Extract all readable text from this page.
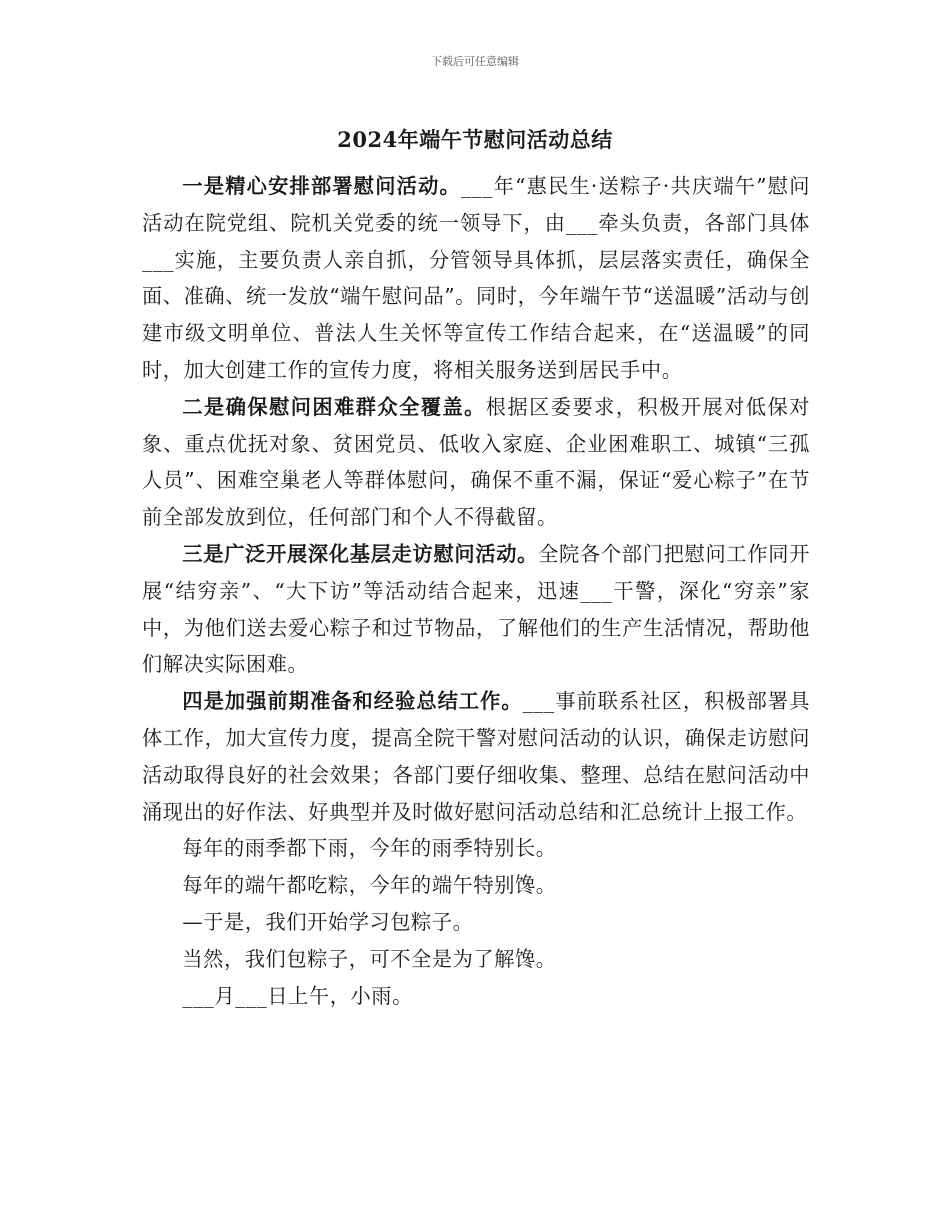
下载后可任意编辑
2024年端午节慰问活动总结

一是精心安排部署慰问活动。___年“惠民生·送粽子·共庆端午”慰问活动在院党组、院机关党委的统一领导下，由___牵头负责，各部门具体___实施，主要负责人亲自抓，分管领导具体抓，层层落实责任，确保全面、准确、统一发放“端午慰问品”。同时，今年端午节“送温暖”活动与创建市级文明单位、普法人生关怀等宣传工作结合起来，在“送温暖”的同时，加大创建工作的宣传力度，将相关服务送到居民手中。

二是确保慰问困难群众全覆盖。根据区委要求，积极开展对低保对象、重点优抚对象、贫困党员、低收入家庭、企业困难职工、城镇“三孤人员”、困难空巢老人等群体慰问，确保不重不漏，保证“爱心粽子”在节前全部发放到位，任何部门和个人不得截留。

三是广泛开展深化基层走访慰问活动。全院各个部门把慰问工作同开展“结穷亲”、“大下访”等活动结合起来，迅速___干警，深化“穷亲”家中，为他们送去爱心粽子和过节物品，了解他们的生产生活情况，帮助他们解决实际困难。

四是加强前期准备和经验总结工作。___事前联系社区，积极部署具体工作，加大宣传力度，提高全院干警对慰问活动的认识，确保走访慰问活动取得良好的社会效果；各部门要仔细收集、整理、总结在慰问活动中涌现出的好作法、好典型并及时做好慰问活动总结和汇总统计上报工作。

每年的雨季都下雨，今年的雨季特别长。

每年的端午都吃粽，今年的端午特别馋。

—于是，我们开始学习包粽子。

当然，我们包粽子，可不全是为了解馋。

___月___日上午，小雨。
